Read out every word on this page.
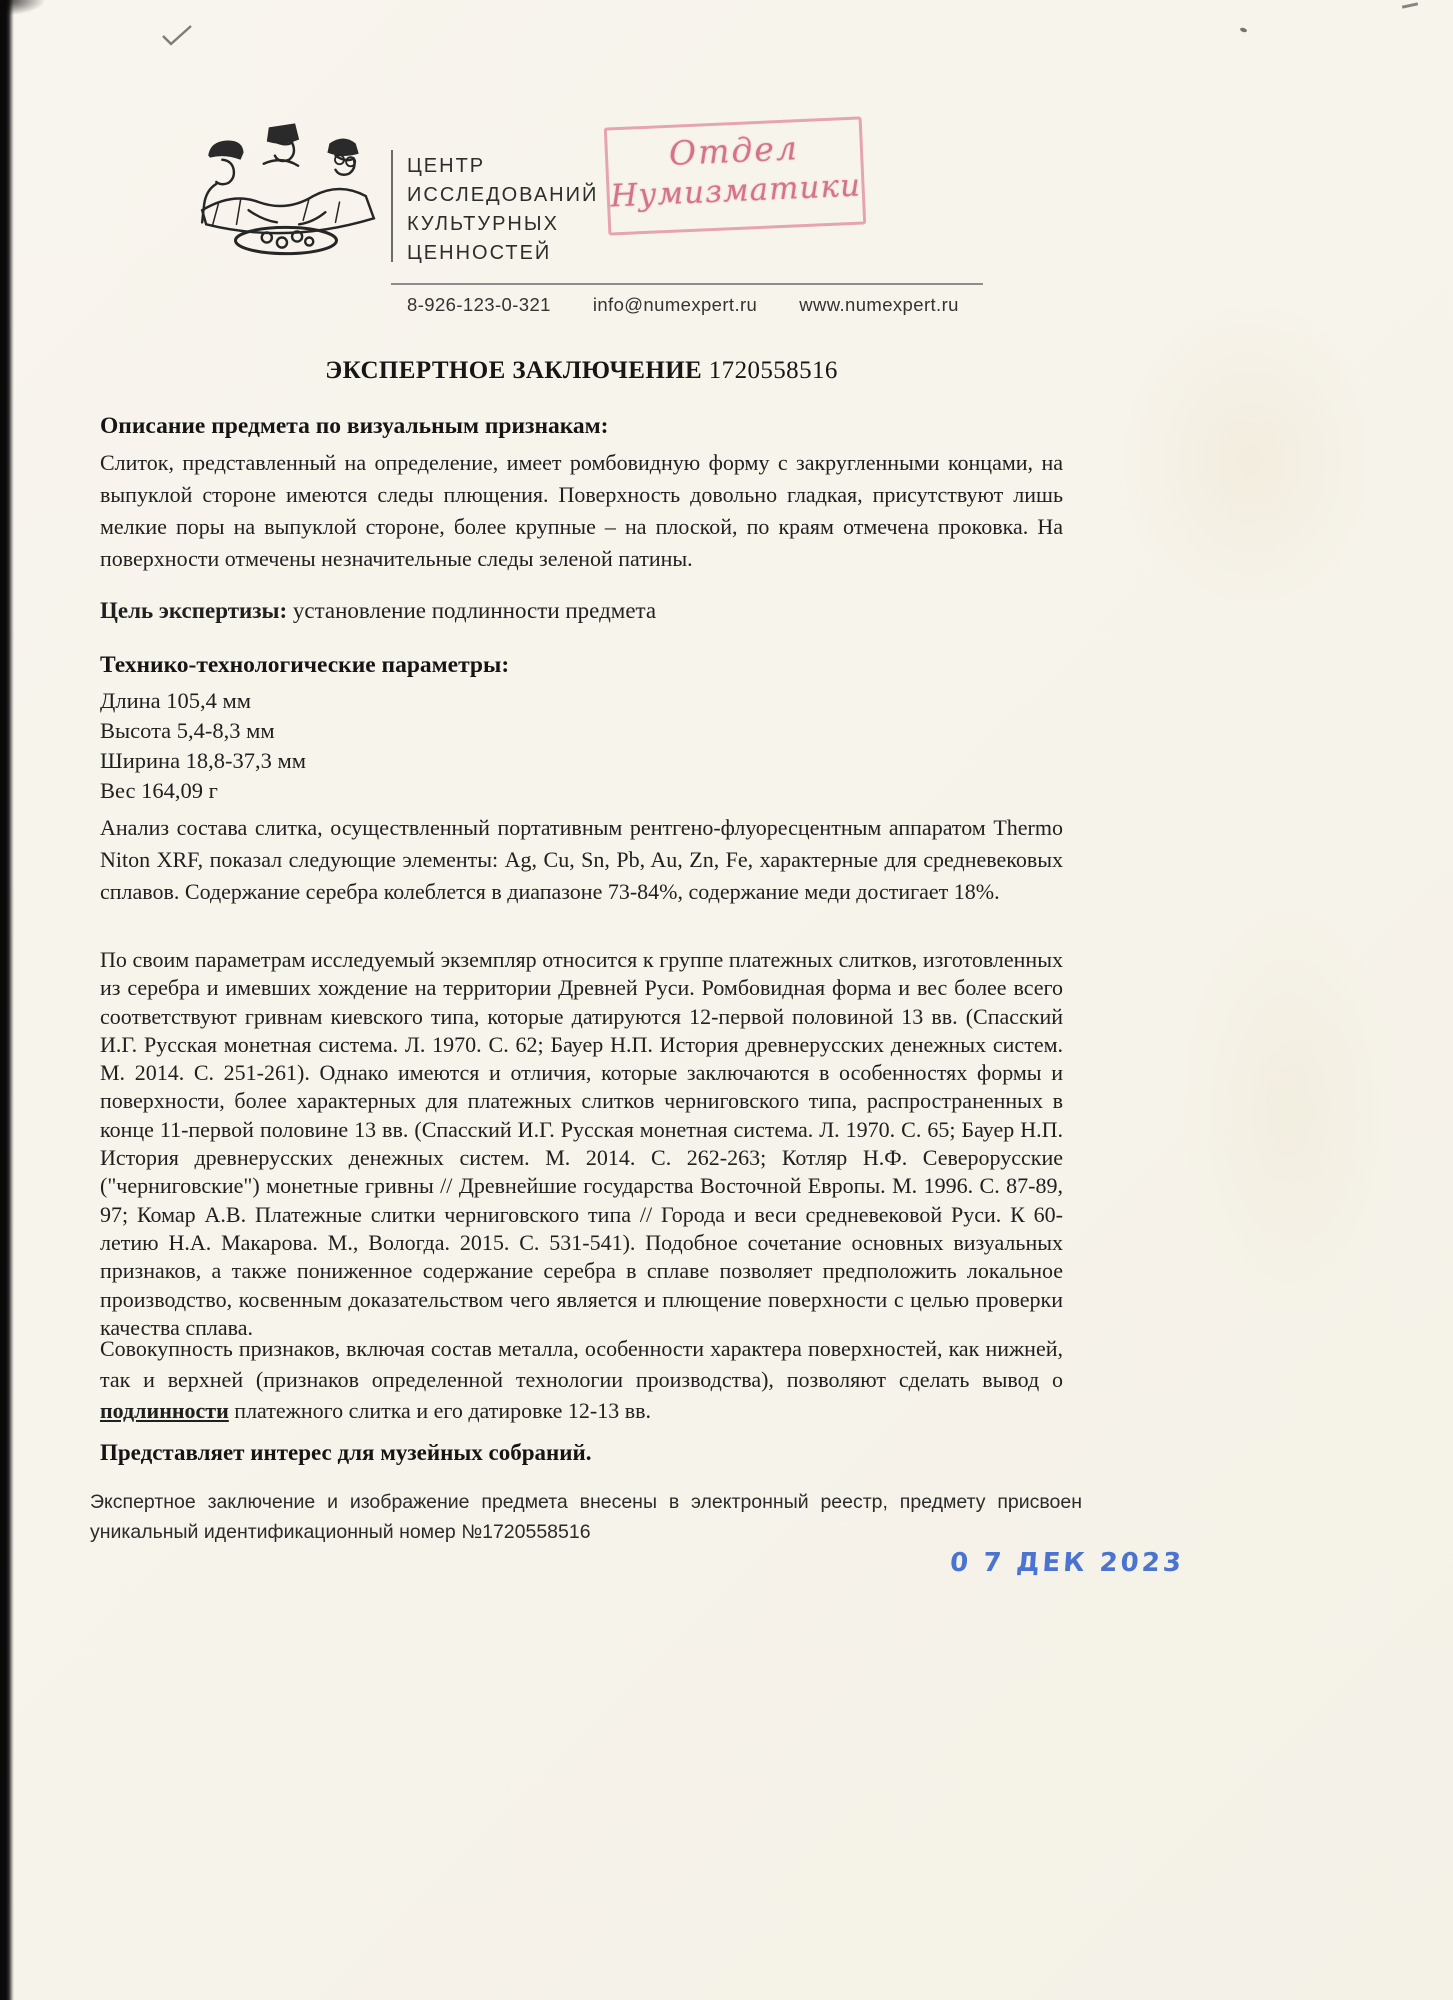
ЦЕНТР
ИССЛЕДОВАНИЙ
КУЛЬТУРНЫХ
ЦЕННОСТЕЙ
8-926-123-0-321 info@numexpert.ru www.numexpert.ru
Отдел
Нумизматики
ЭКСПЕРТНОЕ ЗАКЛЮЧЕНИЕ 1720558516
Описание предмета по визуальным признакам:

Слиток, представленный на определение, имеет ромбовидную форму с закругленными концами, на выпуклой стороне имеются следы плющения. Поверхность довольно гладкая, присутствуют лишь мелкие поры на выпуклой стороне, более крупные – на плоской, по краям отмечена проковка. На поверхности отмечены незначительные следы зеленой патины.

Цель экспертизы: установление подлинности предмета
Технико-технологические параметры:
Длина 105,4 мм
Высота 5,4-8,3 мм
Ширина 18,8-37,3 мм
Вес 164,09 г

Анализ состава слитка, осуществленный портативным рентгено-флуоресцентным аппаратом Thermo Niton XRF, показал следующие элементы: Ag, Cu, Sn, Pb, Au, Zn, Fe, характерные для средневековых сплавов. Содержание серебра колеблется в диапазоне 73-84%, содержание меди достигает 18%.

По своим параметрам исследуемый экземпляр относится к группе платежных слитков, изготовленных из серебра и имевших хождение на территории Древней Руси. Ромбовидная форма и вес более всего соответствуют гривнам киевского типа, которые датируются 12-первой половиной 13 вв. (Спасский И.Г. Русская монетная система. Л. 1970. С. 62; Бауер Н.П. История древнерусских денежных систем. М. 2014. С. 251-261). Однако имеются и отличия, которые заключаются в особенностях формы и поверхности, более характерных для платежных слитков черниговского типа, распространенных в конце 11-первой половине 13 вв. (Спасский И.Г. Русская монетная система. Л. 1970. С. 65; Бауер Н.П. История древнерусских денежных систем. М. 2014. С. 262-263; Котляр Н.Ф. Северорусские ("черниговские") монетные гривны // Древнейшие государства Восточной Европы. М. 1996. С. 87-89, 97; Комар А.В. Платежные слитки черниговского типа // Города и веси средневековой Руси. К 60-летию Н.А. Макарова. М., Вологда. 2015. С. 531-541). Подобное сочетание основных визуальных признаков, а также пониженное содержание серебра в сплаве позволяет предположить локальное производство, косвенным доказательством чего является и плющение поверхности с целью проверки качества сплава.

Совокупность признаков, включая состав металла, особенности характера поверхностей, как нижней, так и верхней (признаков определенной технологии производства), позволяют сделать вывод о подлинности платежного слитка и его датировке 12-13 вв.

Представляет интерес для музейных собраний.
Экспертное заключение и изображение предмета внесены в электронный реестр, предмету присвоен уникальный идентификационный номер №1720558516
0 7 ДЕК 2023
